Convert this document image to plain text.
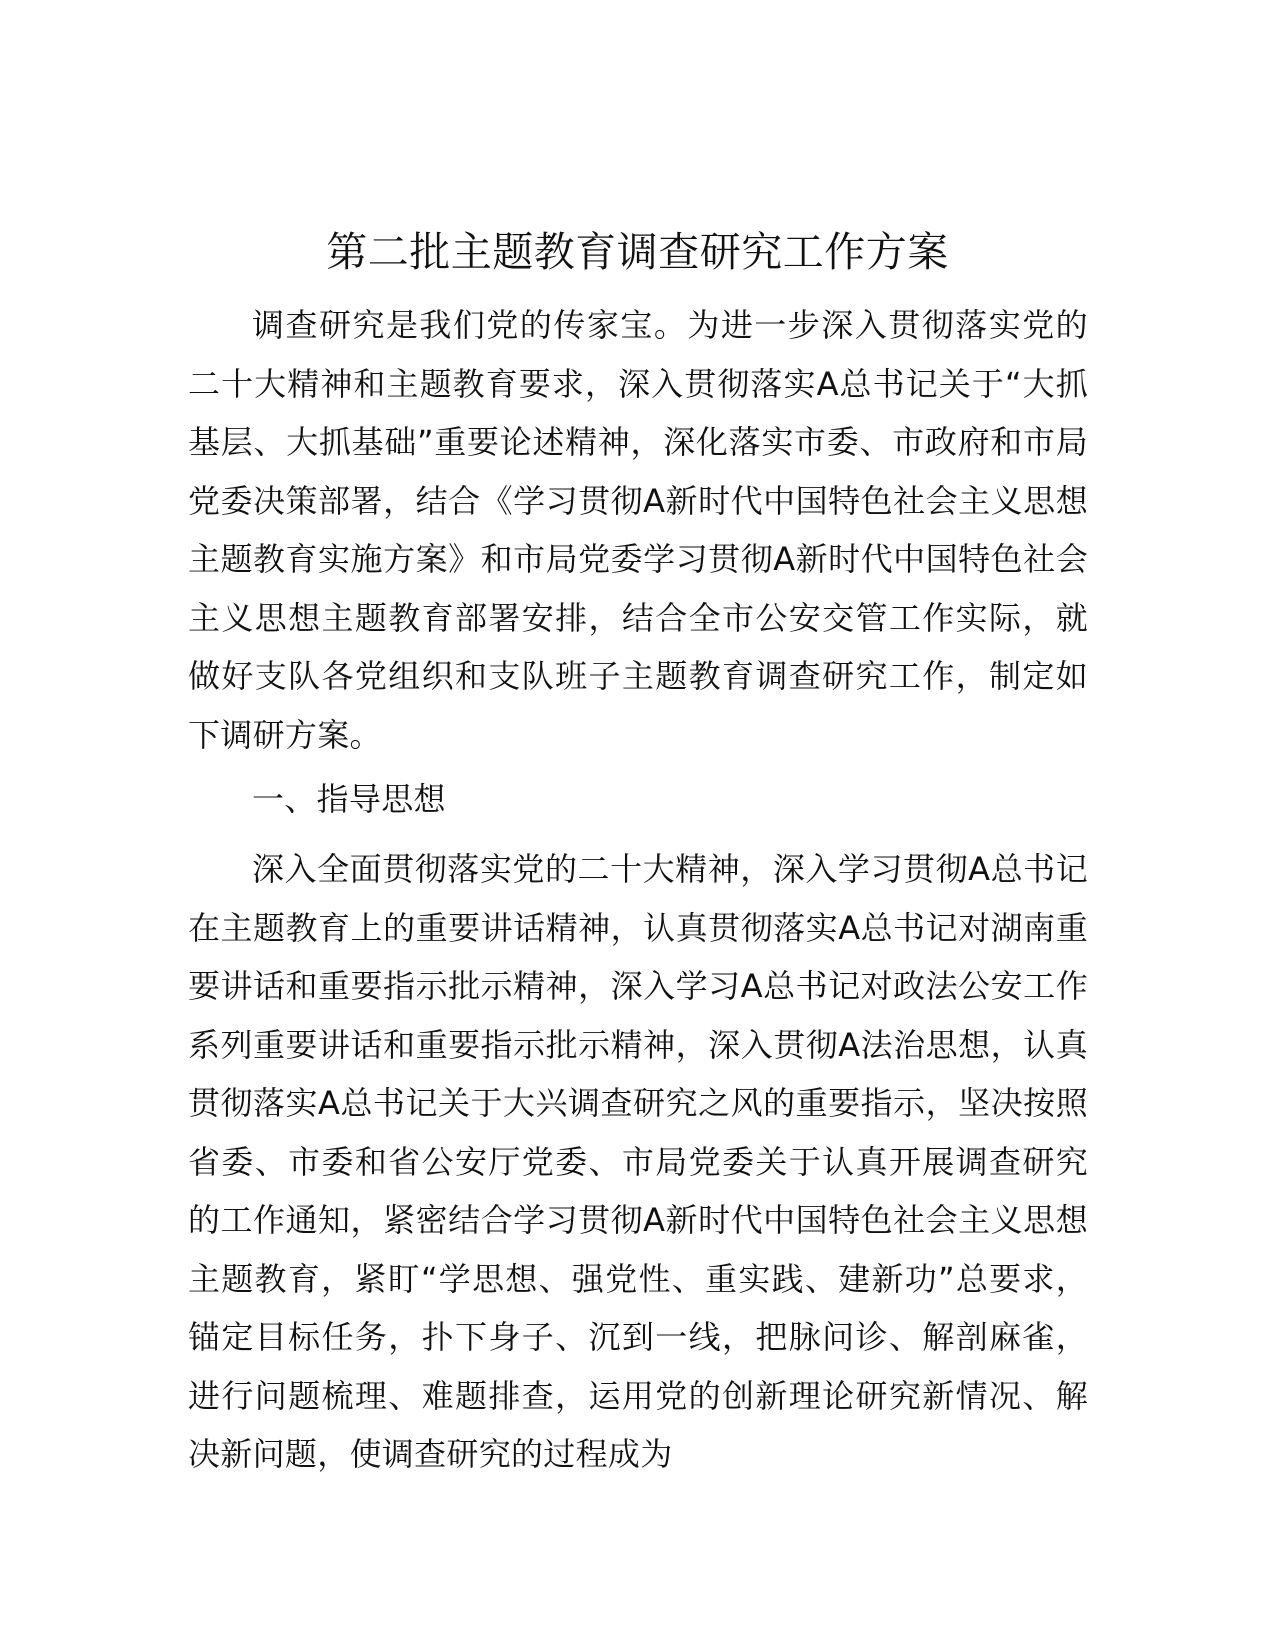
第二批主题教育调查研究工作方案

调查研究是我们党的传家宝。为进一步深入贯彻落实党的二十大精神和主题教育要求，深入贯彻落实A总书记关于“大抓基层、大抓基础”重要论述精神，深化落实市委、市政府和市局党委决策部署，结合《学习贯彻A新时代中国特色社会主义思想主题教育实施方案》和市局党委学习贯彻A新时代中国特色社会主义思想主题教育部署安排，结合全市公安交管工作实际，就做好支队各党组织和支队班子主题教育调查研究工作，制定如下调研方案。

一、指导思想

深入全面贯彻落实党的二十大精神，深入学习贯彻A总书记在主题教育上的重要讲话精神，认真贯彻落实A总书记对湖南重要讲话和重要指示批示精神，深入学习A总书记对政法公安工作系列重要讲话和重要指示批示精神，深入贯彻A法治思想，认真贯彻落实A总书记关于大兴调查研究之风的重要指示，坚决按照省委、市委和省公安厅党委、市局党委关于认真开展调查研究的工作通知，紧密结合学习贯彻A新时代中国特色社会主义思想主题教育，紧盯“学思想、强党性、重实践、建新功”总要求，锚定目标任务，扑下身子、沉到一线，把脉问诊、解剖麻雀，进行问题梳理、难题排查，运用党的创新理论研究新情况、解决新问题，使调查研究的过程成为
